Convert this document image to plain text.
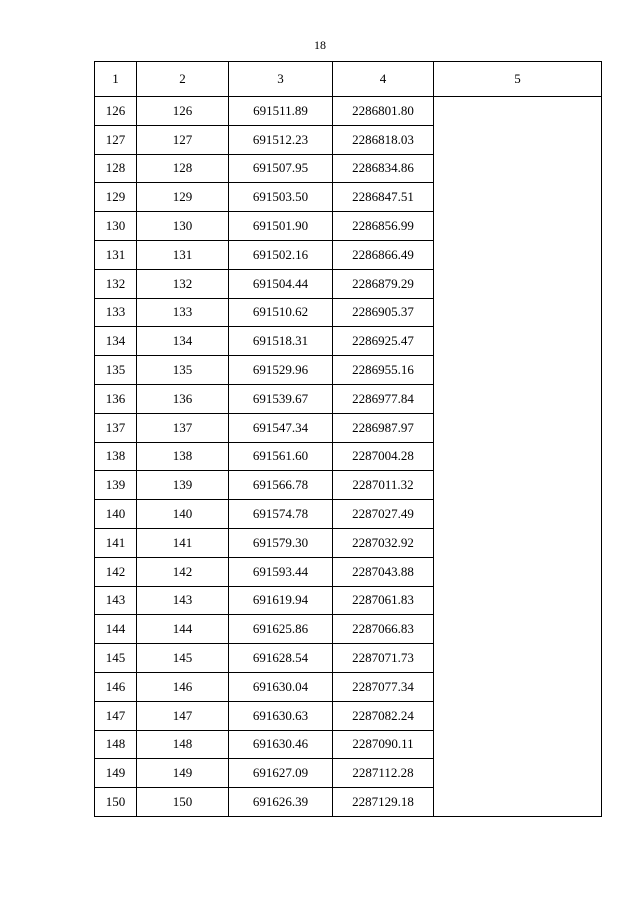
18
1	2	3	4	5
126	126	691511.89	2286801.80	
127	127	691512.23	2286818.03	
128	128	691507.95	2286834.86	
129	129	691503.50	2286847.51	
130	130	691501.90	2286856.99	
131	131	691502.16	2286866.49	
132	132	691504.44	2286879.29	
133	133	691510.62	2286905.37	
134	134	691518.31	2286925.47	
135	135	691529.96	2286955.16	
136	136	691539.67	2286977.84	
137	137	691547.34	2286987.97	
138	138	691561.60	2287004.28	
139	139	691566.78	2287011.32	
140	140	691574.78	2287027.49	
141	141	691579.30	2287032.92	
142	142	691593.44	2287043.88	
143	143	691619.94	2287061.83	
144	144	691625.86	2287066.83	
145	145	691628.54	2287071.73	
146	146	691630.04	2287077.34	
147	147	691630.63	2287082.24	
148	148	691630.46	2287090.11	
149	149	691627.09	2287112.28	
150	150	691626.39	2287129.18	
